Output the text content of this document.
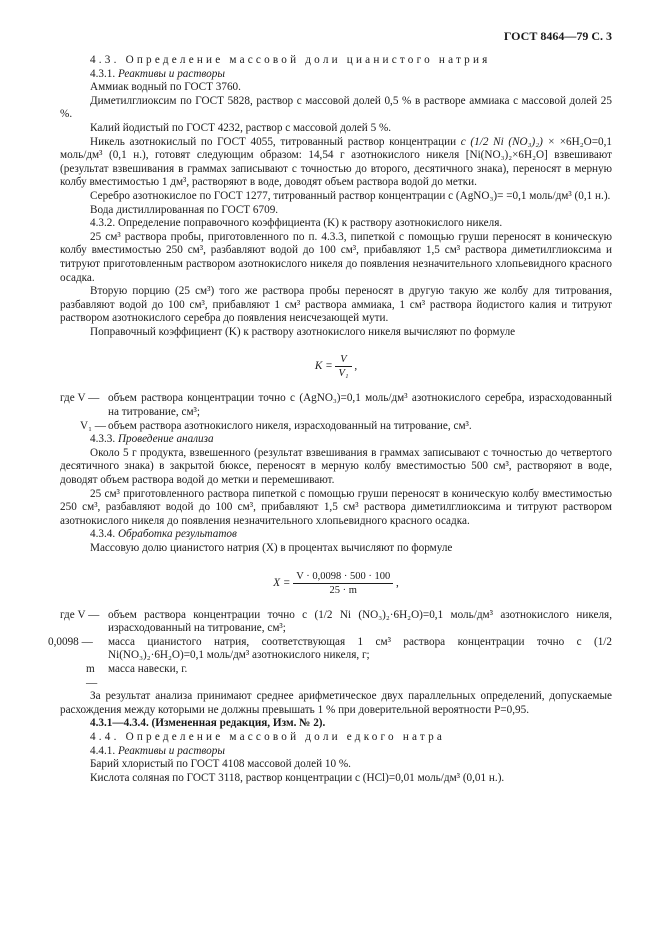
ГОСТ 8464—79 С. 3

4.3. Определение массовой доли цианистого натрия

4.3.1. Реактивы и растворы

Аммиак водный по ГОСТ 3760.

Диметилглиоксим по ГОСТ 5828, раствор с массовой долей 0,5 % в растворе аммиака с массовой долей 25 %.

Калий йодистый по ГОСТ 4232, раствор с массовой долей 5 %.

Никель азотнокислый по ГОСТ 4055, титрованный раствор концентрации c (1/2 Ni (NO₃)₂) × ×6H₂O=0,1 моль/дм³ (0,1 н.), готовят следующим образом: 14,54 г азотнокислого никеля [Ni(NO₃)₂×6H₂O] взвешивают (результат взвешивания в граммах записывают с точностью до второго, десятичного знака), переносят в мерную колбу вместимостью 1 дм³, растворяют в воде, доводят объем раствора водой до метки.

Серебро азотнокислое по ГОСТ 1277, титрованный раствор концентрации c (AgNO₃)= =0,1 моль/дм³ (0,1 н.).

Вода дистиллированная по ГОСТ 6709.

4.3.2. Определение поправочного коэффициента (K) к раствору азотнокислого никеля.

25 см³ раствора пробы, приготовленного по п. 4.3.3, пипеткой с помощью груши переносят в коническую колбу вместимостью 250 см³, разбавляют водой до 100 см³, прибавляют 1,5 см³ раствора диметилглиоксима и титруют приготовленным раствором азотнокислого никеля до появления незначительного хлопьевидного красного осадка.

Вторую порцию (25 см³) того же раствора пробы переносят в другую такую же колбу для титрования, разбавляют водой до 100 см³, прибавляют 1 см³ раствора аммиака, 1 см³ раствора йодистого калия и титруют раствором азотнокислого серебра до появления неисчезающей мути.

Поправочный коэффициент (K) к раствору азотнокислого никеля вычисляют по формуле

$K = \frac{V}{\text{V₁}}$ ,
где V — объем раствора концентрации точно c (AgNO₃)=0,1 моль/дм³ азотнокислого серебра, израсходованный на титрование, см³;
V₁ — объем раствора азотнокислого никеля, израсходованный на титрование, см³.

4.3.3. Проведение анализа

Около 5 г продукта, взвешенного (результат взвешивания в граммах записывают с точностью до четвертого десятичного знака) в закрытой бюксе, переносят в мерную колбу вместимостью 500 см³, растворяют в воде, доводят объем раствора водой до метки и перемешивают.

25 см³ приготовленного раствора пипеткой с помощью груши переносят в коническую колбу вместимостью 250 см³, разбавляют водой до 100 см³, прибавляют 1,5 см³ раствора диметилглиоксима и титруют раствором азотнокислого никеля до появления незначительного хлопьевидного красного осадка.

4.3.4. Обработка результатов

Массовую долю цианистого натрия (X) в процентах вычисляют по формуле

$X = \frac{V \cdot 0,0098 \cdot 500 \cdot 100}{25 \cdot m}$ ,
где V — объем раствора концентрации точно c (1/2 Ni (NO₃)₂·6H₂O)=0,1 моль/дм³ азотнокислого никеля, израсходованный на титрование, см³;
0,0098 —	масса цианистого натрия, соответствующая 1 см³ раствора концентрации точно c (1/2 Ni(NO₃)₂·6H₂O)=0,1 моль/дм³ азотнокислого никеля, г;
m —
масса навески, г.

За результат анализа принимают среднее арифметическое двух параллельных определений, допускаемые расхождения между которыми не должны превышать 1 % при доверительной вероятности P=0,95.

4.3.1—4.3.4. (Измененная редакция, Изм. № 2).

4.4. Определение массовой доли едкого натра

4.4.1. Реактивы и растворы

Барий хлористый по ГОСТ 4108 массовой долей 10 %.

Кислота соляная по ГОСТ 3118, раствор концентрации c (HCl)=0,01 моль/дм³ (0,01 н.).
